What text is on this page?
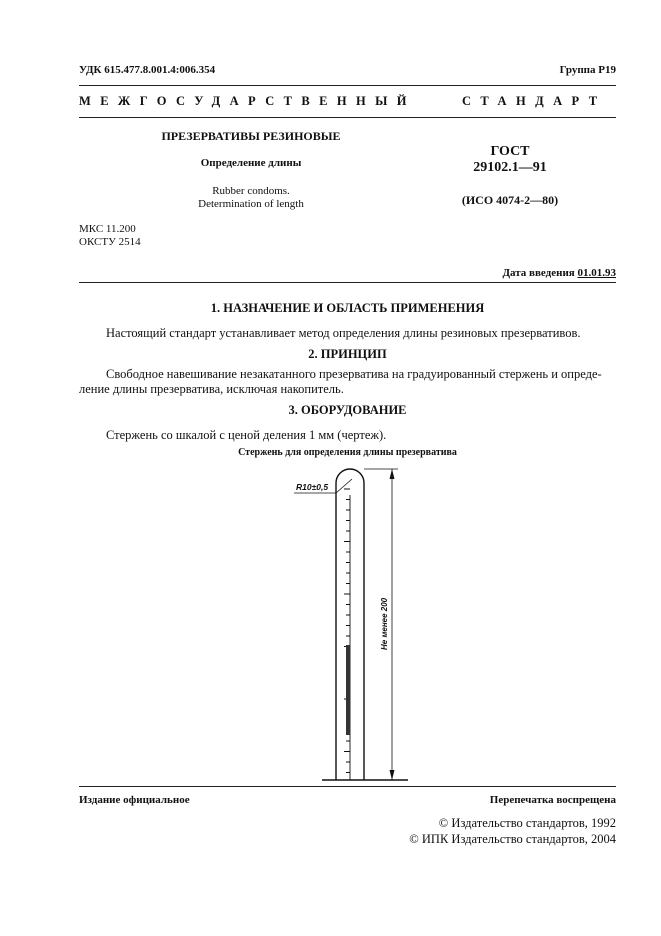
УДК 615.477.8.001.4:006.354	Группа Р19
МЕЖГОСУДАРСТВЕННЫЙ	СТАНДАРТ
ПРЕЗЕРВАТИВЫ РЕЗИНОВЫЕ
Определение длины
Rubber condoms.
Determination of length
ГОСТ
29102.1—91
(ИСО 4074-2—80)
МКС 11.200
ОКСТУ 2514
Дата введения 01.01.93
1. НАЗНАЧЕНИЕ И ОБЛАСТЬ ПРИМЕНЕНИЯ
Настоящий стандарт устанавливает метод определения длины резиновых презервативов.
2. ПРИНЦИП
Свободное навешивание незакатанного презерватива на градуированный стержень и опреде-
ление длины презерватива, исключая накопитель.
3. ОБОРУДОВАНИЕ
Стержень со шкалой с ценой деления 1 мм (чертеж).
Стержень для определения длины презерватива
R10±0,5
Не менее 200
Издание официальное	Перепечатка воспрещена
© Издательство стандартов, 1992
© ИПК Издательство стандартов, 2004
